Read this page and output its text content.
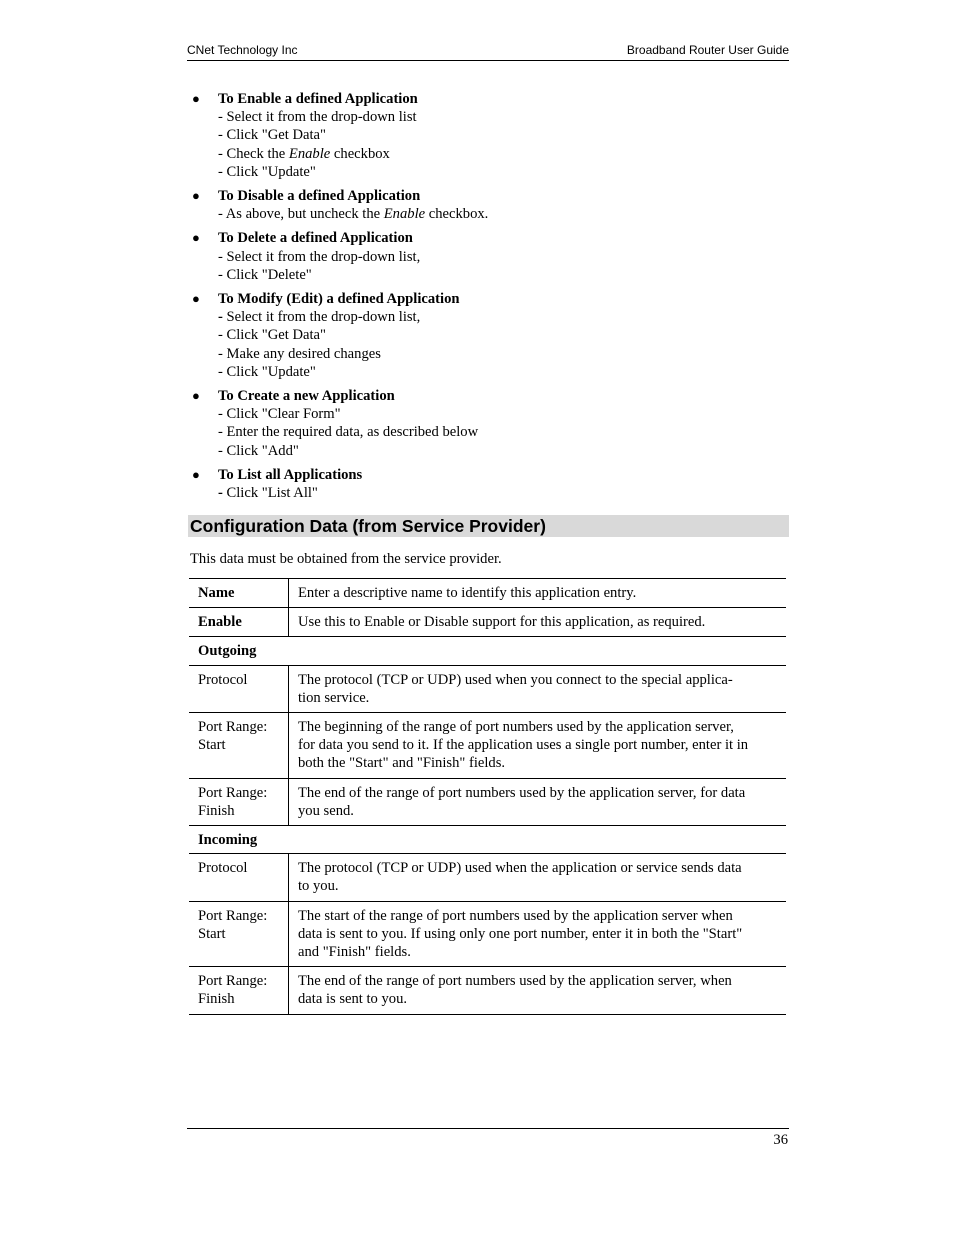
CNet Technology Inc	Broadband Router User Guide
● To Enable a defined Application
- Select it from the drop-down list
- Click "Get Data"
- Check the Enable checkbox
- Click "Update"
● To Disable a defined Application
- As above, but uncheck the Enable checkbox.
● To Delete a defined Application
- Select it from the drop-down list,
- Click "Delete"
● To Modify (Edit) a defined Application
- Select it from the drop-down list,
- Click "Get Data"
- Make any desired changes
- Click "Update"
● To Create a new Application
- Click "Clear Form"
- Enter the required data, as described below
- Click "Add"
● To List all Applications
- Click "List All"
Configuration Data (from Service Provider)
This data must be obtained from the service provider.
Name	Enter a descriptive name to identify this application entry.
Enable	Use this to Enable or Disable support for this application, as required.
Outgoing	
Protocol	The protocol (TCP or UDP) used when you connect to the special applica-
tion service.
Port Range:
Start	The beginning of the range of port numbers used by the application server,
for data you send to it. If the application uses a single port number, enter it in
both the "Start" and "Finish" fields.
Port Range:
Finish	The end of the range of port numbers used by the application server, for data
you send.
Incoming	
Protocol	The protocol (TCP or UDP) used when the application or service sends data
to you.
Port Range:
Start	The start of the range of port numbers used by the application server when
data is sent to you. If using only one port number, enter it in both the "Start"
and "Finish" fields.
Port Range:
Finish	The end of the range of port numbers used by the application server, when
data is sent to you.
36
